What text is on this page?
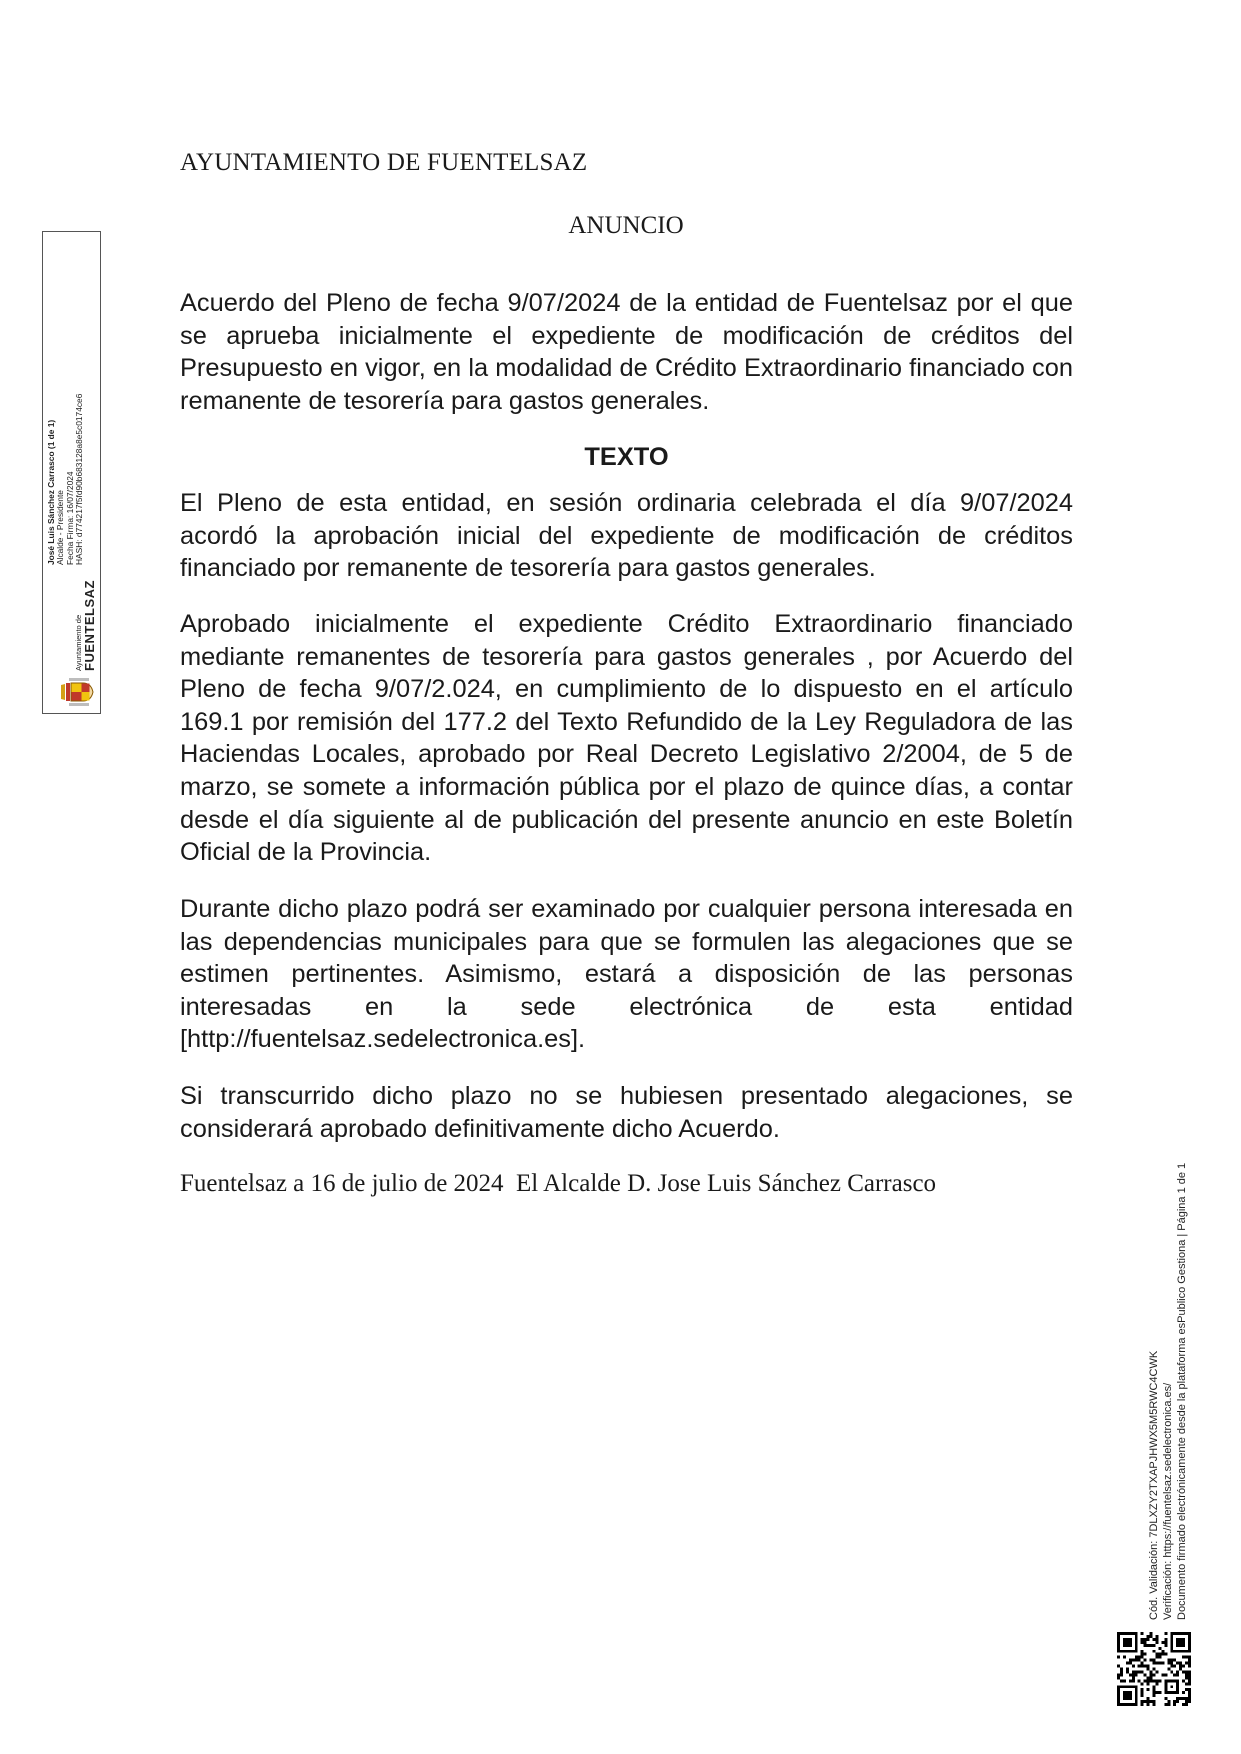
AYUNTAMIENTO DE FUENTELSAZ
ANUNCIO

Acuerdo del Pleno de fecha 9/07/2024 de la entidad de Fuentelsaz por el que se aprueba inicialmente el expediente de modificación de créditos del Presupuesto en vigor, en la modalidad de Crédito Extraordinario financiado con remanente de tesorería para gastos generales.

TEXTO

El Pleno de esta entidad, en sesión ordinaria celebrada el día 9/07/2024 acordó la aprobación inicial del expediente de modificación de créditos financiado por remanente de tesorería para gastos generales.

Aprobado inicialmente el expediente Crédito Extraordinario financiado mediante remanentes de tesorería para gastos generales , por Acuerdo del Pleno de fecha 9/07/2.024, en cumplimiento de lo dispuesto en el artículo 169.1 por remisión del 177.2 del Texto Refundido de la Ley Reguladora de las Haciendas Locales, aprobado por Real Decreto Legislativo 2/2004, de 5 de marzo, se somete a información pública por el plazo de quince días, a contar desde el día siguiente al de publicación del presente anuncio en este Boletín Oficial de la Provincia.

Durante dicho plazo podrá ser examinado por cualquier persona interesada en las dependencias municipales para que se formulen las alegaciones que se estimen pertinentes. Asimismo, estará a disposición de las personas interesadas en la sede electrónica de esta entidad [http://fuentelsaz.sedelectronica.es].

Si transcurrido dicho plazo no se hubiesen presentado alegaciones, se considerará aprobado definitivamente dicho Acuerdo.

Fuentelsaz a 16 de julio de 2024  El Alcalde D. Jose Luis Sánchez Carrasco
Ayuntamiento de FUENTELSAZ
José Luis Sánchez Carrasco (1 de 1) Alcalde - Presidente Fecha Firma: 16/07/2024 HASH: d774217f5fd90b683128a8e5c0174ce6
Cód. Validación: 7DLXZY2TXAPJHWX5M5RWC4CWK Verificación: https://fuentelsaz.sedelectronica.es/ Documento firmado electrónicamente desde la plataforma esPublico Gestiona | Página 1 de 1
